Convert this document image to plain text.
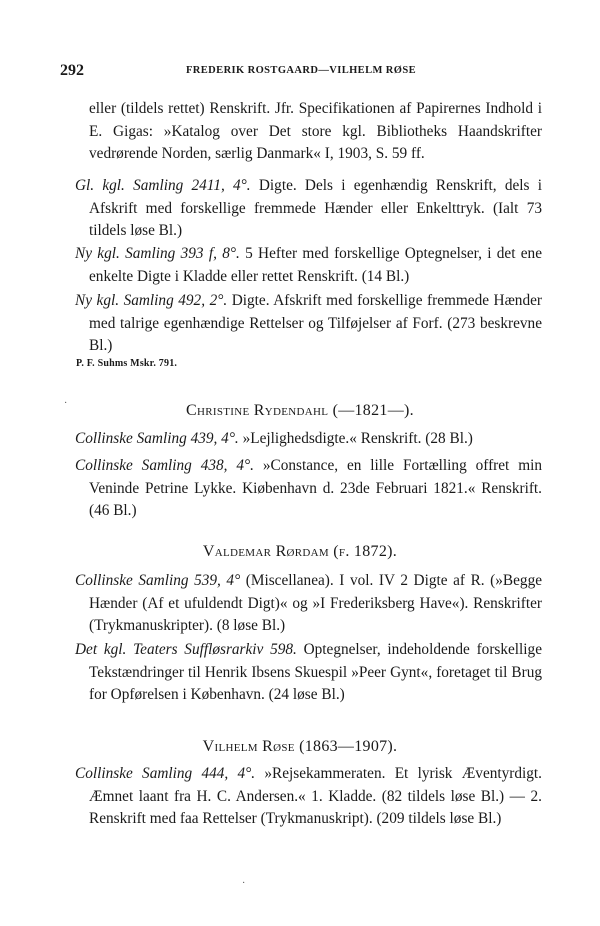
292	FREDERIK ROSTGAARD—VILHELM RØSE

eller (tildels rettet) Renskrift. Jfr. Specifikationen af Papirernes Indhold i E. Gigas: »Katalog over Det store kgl. Bibliotheks Haandskrifter vedrørende Norden, særlig Danmark« I, 1903, S. 59 ff.

Gl. kgl. Samling 2411, 4°. Digte. Dels i egenhændig Renskrift, dels i Afskrift med forskellige fremmede Hænder eller Enkelttryk. (Ialt 73 tildels løse Bl.)

Ny kgl. Samling 393 f, 8°. 5 Hefter med forskellige Optegnelser, i det ene enkelte Digte i Kladde eller rettet Renskrift. (14 Bl.)

Ny kgl. Samling 492, 2°. Digte. Afskrift med forskellige fremmede Hænder med talrige egenhændige Rettelser og Tilføjelser af Forf. (273 beskrevne Bl.)

P. F. Suhms Mskr. 791.
Christine Rydendahl (—1821—).

Collinske Samling 439, 4°. »Lejlighedsdigte.« Renskrift. (28 Bl.)

Collinske Samling 438, 4°. »Constance, en lille Fortælling offret min Veninde Petrine Lykke. Kiøbenhavn d. 23de Februari 1821.« Renskrift. (46 Bl.)

Valdemar Rørdam (f. 1872).

Collinske Samling 539, 4° (Miscellanea). I vol. IV 2 Digte af R. (»Begge Hænder (Af et ufuldendt Digt)« og »I Frederiksberg Have«). Renskrifter (Trykmanuskripter). (8 løse Bl.)

Det kgl. Teaters Suffløsrarkiv 598. Optegnelser, indeholdende forskellige Tekstændringer til Henrik Ibsens Skuespil »Peer Gynt«, foretaget til Brug for Opførelsen i København. (24 løse Bl.)

Vilhelm Røse (1863—1907).

Collinske Samling 444, 4°. »Rejsekammeraten. Et lyrisk Æventyrdigt. Æmnet laant fra H. C. Andersen.« 1. Kladde. (82 tildels løse Bl.) — 2. Renskrift med faa Rettelser (Trykmanuskript). (209 tildels løse Bl.)

·
·
